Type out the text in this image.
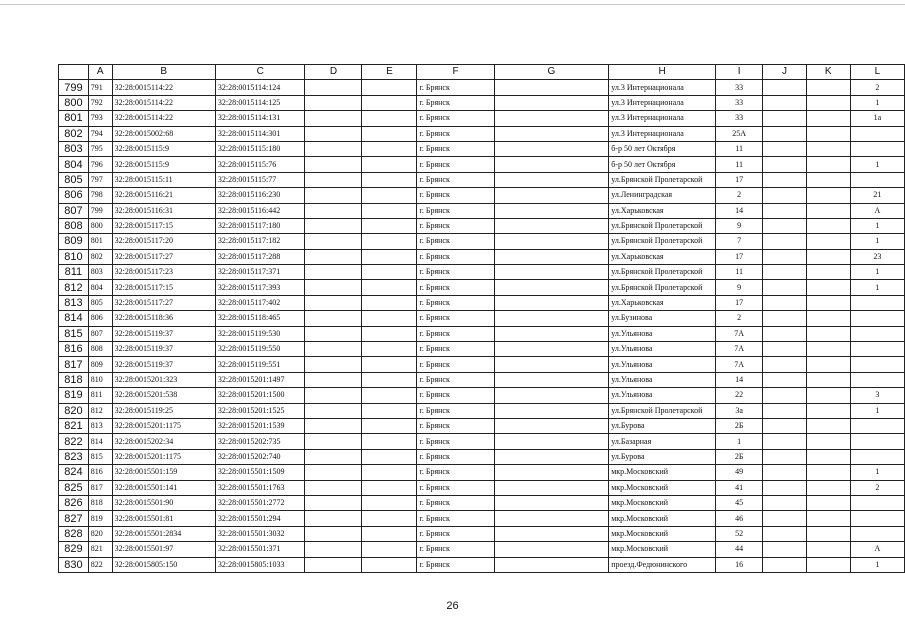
	A	B	C	D	E	F	G	H	I	J	K	L
799	791	32:28:0015114:22	32:28:0015114:124			г. Брянск		ул.3 Интернационала	33			2
800	792	32:28:0015114:22	32:28:0015114:125			г. Брянск		ул.3 Интернационала	33			1
801	793	32:28:0015114:22	32:28:0015114:131			г. Брянск		ул.3 Интернационала	33			1а
802	794	32:28:0015002:68	32:28:0015114:301			г. Брянск		ул.3 Интернационала	25А			
803	795	32:28:0015115:9	32:28:0015115:180			г. Брянск		б-р 50 лет Октября	11			
804	796	32:28:0015115:9	32:28:0015115:76			г. Брянск		б-р 50 лет Октября	11			1
805	797	32:28:0015115:11	32:28:0015115:77			г. Брянск		ул.Брянской Пролетарской	17			
806	798	32:28:0015116:21	32:28:0015116:230			г. Брянск		ул.Ленинградская	2			21
807	799	32:28:0015116:31	32:28:0015116:442			г. Брянск		ул.Харьковская	14			А
808	800	32:28:0015117:15	32:28:0015117:180			г. Брянск		ул.Брянской Пролетарской	9			1
809	801	32:28:0015117:20	32:28:0015117:182			г. Брянск		ул.Брянской Пролетарской	7			1
810	802	32:28:0015117:27	32:28:0015117:288			г. Брянск		ул.Харьковская	17			23
811	803	32:28:0015117:23	32:28:0015117:371			г. Брянск		ул.Брянской Пролетарской	11			1
812	804	32:28:0015117:15	32:28:0015117:393			г. Брянск		ул.Брянской Пролетарской	9			1
813	805	32:28:0015117:27	32:28:0015117:402			г. Брянск		ул.Харьковская	17			
814	806	32:28:0015118:36	32:28:0015118:465			г. Брянск		ул.Бузинова	2			
815	807	32:28:0015119:37	32:28:0015119:530			г. Брянск		ул.Ульянова	7А			
816	808	32:28:0015119:37	32:28:0015119:550			г. Брянск		ул.Ульянова	7А			
817	809	32:28:0015119:37	32:28:0015119:551			г. Брянск		ул.Ульянова	7А			
818	810	32:28:0015201:323	32:28:0015201:1497			г. Брянск		ул.Ульянова	14			
819	811	32:28:0015201:538	32:28:0015201:1500			г. Брянск		ул.Ульянова	22			3
820	812	32:28:0015119:25	32:28:0015201:1525			г. Брянск		ул.Брянской Пролетарской	3а			1
821	813	32:28:0015201:1175	32:28:0015201:1539			г. Брянск		ул.Бурова	2Б			
822	814	32:28:0015202:34	32:28:0015202:735			г. Брянск		ул.Базарная	1			
823	815	32:28:0015201:1175	32:28:0015202:740			г. Брянск		ул.Бурова	2Б			
824	816	32:28:0015501:159	32:28:0015501:1509			г. Брянск		мкр.Московский	49			1
825	817	32:28:0015501:141	32:28:0015501:1763			г. Брянск		мкр.Московский	41			2
826	818	32:28:0015501:90	32:28:0015501:2772			г. Брянск		мкр.Московский	45			
827	819	32:28:0015501:81	32:28:0015501:294			г. Брянск		мкр.Московский	46			
828	820	32:28:0015501:2834	32:28:0015501:3032			г. Брянск		мкр.Московский	52			
829	821	32:28:0015501:97	32:28:0015501:371			г. Брянск		мкр.Московский	44			А
830	822	32:28:0015805:150	32:28:0015805:1033			г. Брянск		проезд.Федюнинского	16			1
26
